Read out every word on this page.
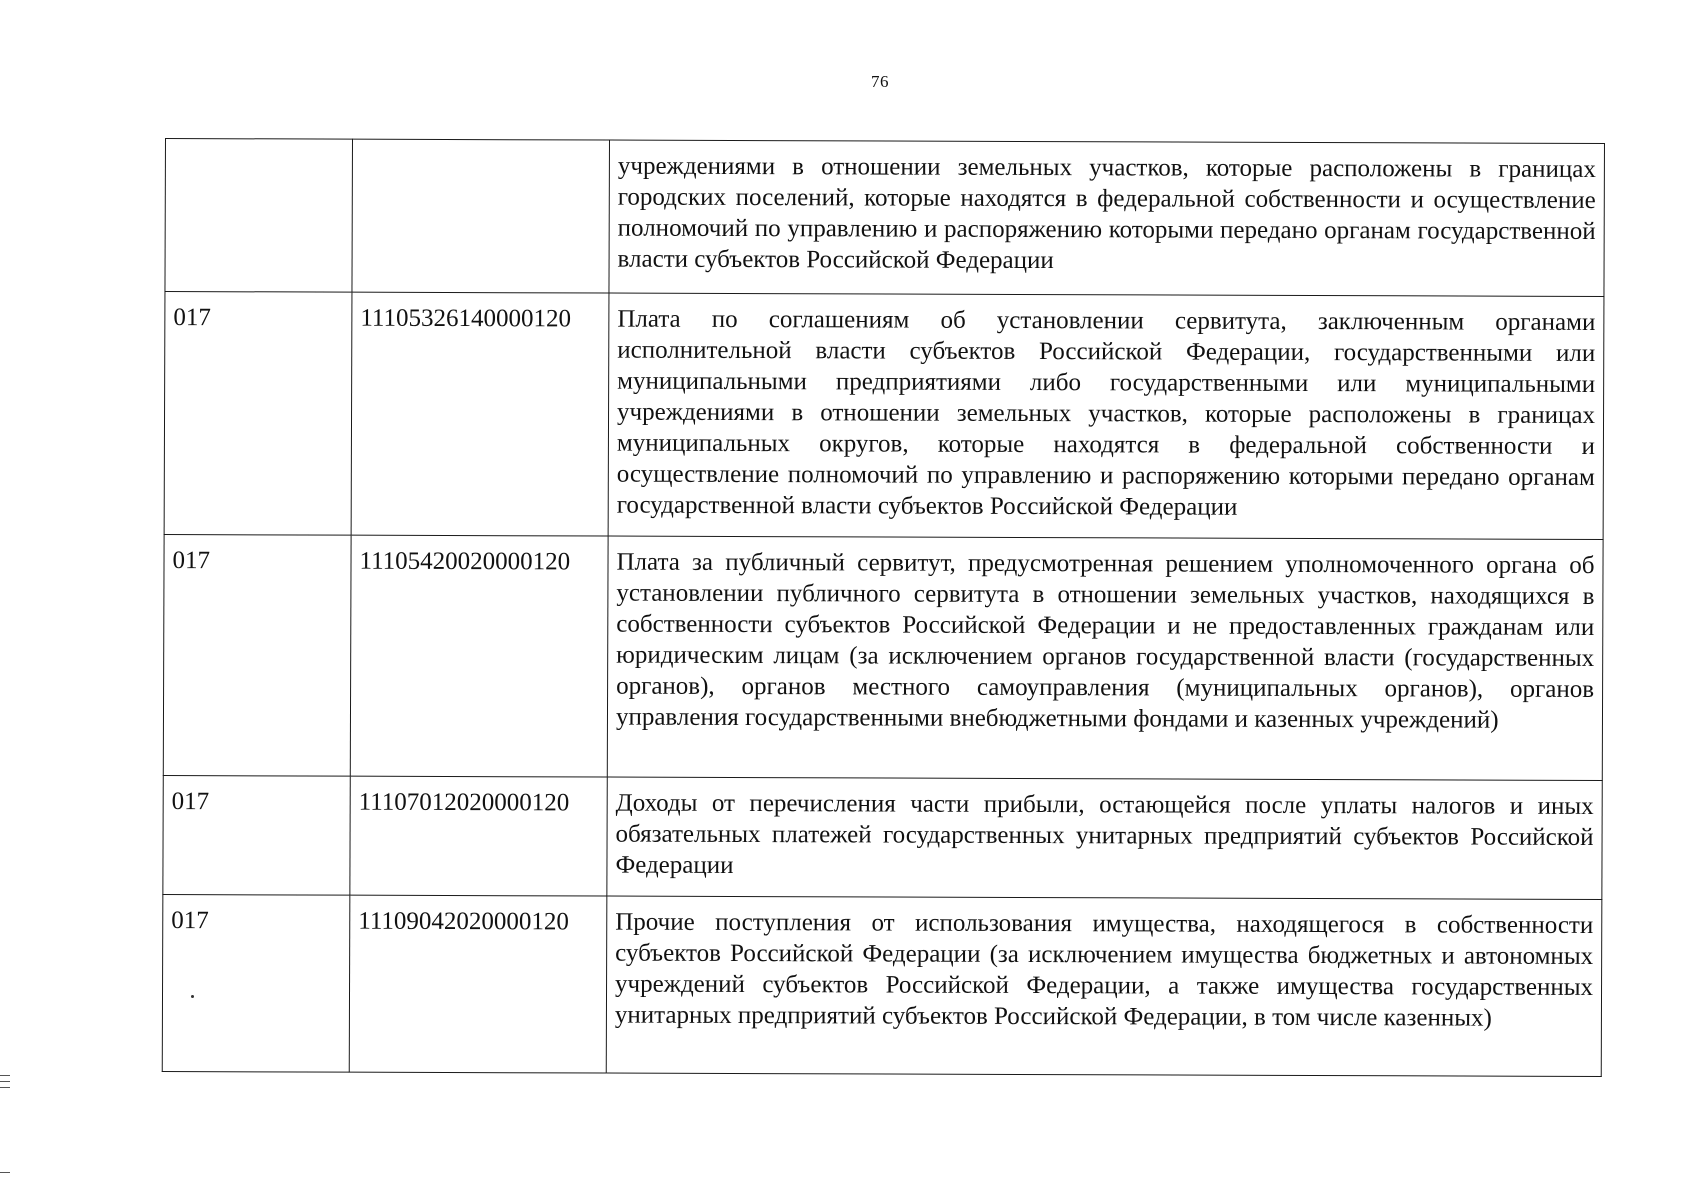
76
		учреждениями в отношении земельных участков, которые расположены в границах городских поселений, которые находятся в федеральной собственности и осуществление полномочий по управлению и распоряжению которыми передано органам государственной власти субъектов Российской Федерации
017	11105326140000120	Плата по соглашениям об установлении сервитута, заключенным органами исполнительной власти субъектов Российской Федерации, государственными или муниципальными предприятиями либо государственными или муниципальными учреждениями в отношении земельных участков, которые расположены в границах муниципальных округов, которые находятся в федеральной собственности и осуществление полномочий по управлению и распоряжению которыми передано органам государственной власти субъектов Российской Федерации
017	11105420020000120	Плата за публичный сервитут, предусмотренная решением уполномоченного органа об установлении публичного сервитута в отношении земельных участков, находящихся в собственности субъектов Российской Федерации и не предоставленных гражданам или юридическим лицам (за исключением органов государственной власти (государственных органов), органов местного самоуправления (муниципальных органов), органов управления государственными внебюджетными фондами и казенных учреждений)
017	11107012020000120	Доходы от перечисления части прибыли, остающейся после уплаты налогов и иных обязательных платежей государственных унитарных предприятий субъектов Российской Федерации
017	11109042020000120	Прочие поступления от использования имущества, находящегося в собственности субъектов Российской Федерации (за исключением имущества бюджетных и автономных учреждений субъектов Российской Федерации, а также имущества государственных унитарных предприятий субъектов Российской Федерации, в том числе казенных)
